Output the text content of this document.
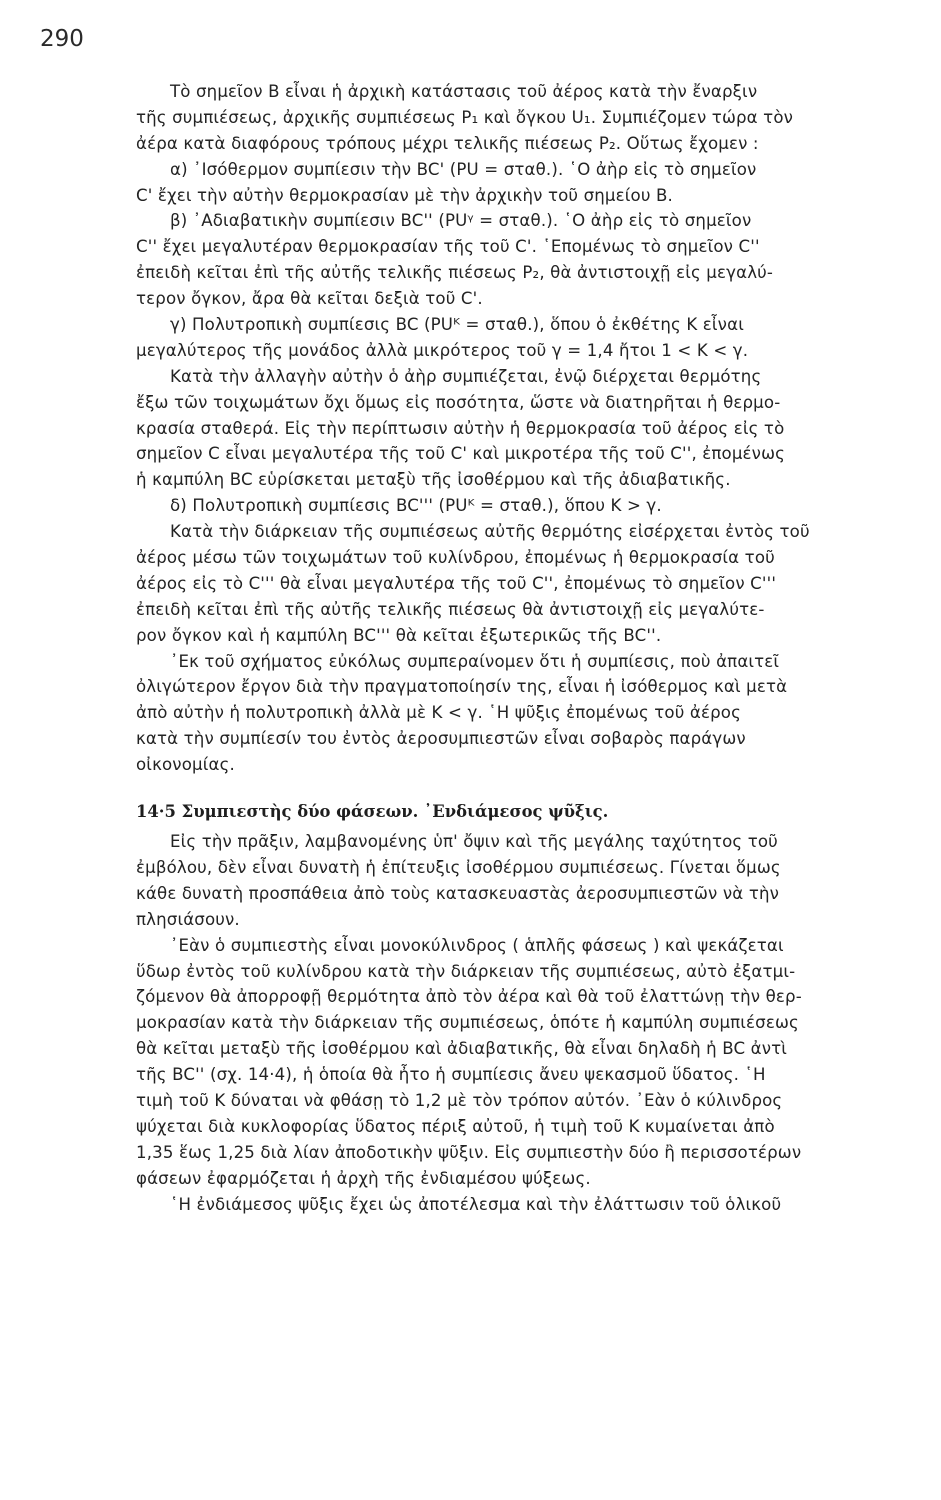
290
Τὸ σημεῖον Β εἶναι ἡ ἀρχικὴ κατάστασις τοῦ ἀέρος κατὰ τὴν ἔναρξιν
τῆς συμπιέσεως, ἀρχικῆς συμπιέσεως P₁ καὶ ὄγκου U₁. Συμπιέζομεν τώρα τὸν
ἀέρα κατὰ διαφόρους τρόπους μέχρι τελικῆς πιέσεως P₂. Οὕτως ἔχομεν :
α) ᾿Ισόθερμον συμπίεσιν τὴν BC' (PU = σταθ.). ῾Ο ἀὴρ εἰς τὸ σημεῖον
C' ἔχει τὴν αὐτὴν θερμοκρασίαν μὲ τὴν ἀρχικὴν τοῦ σημείου Β.
β) ᾿Αδιαβατικὴν συμπίεσιν BC'' (PUᵞ = σταθ.). ῾Ο ἀὴρ εἰς τὸ σημεῖον
C'' ἔχει μεγαλυτέραν θερμοκρασίαν τῆς τοῦ C'. ῾Επομένως τὸ σημεῖον C''
ἐπειδὴ κεῖται ἐπὶ τῆς αὐτῆς τελικῆς πιέσεως P₂, θὰ ἀντιστοιχῇ εἰς μεγαλύ-
τερον ὄγκον, ἄρα θὰ κεῖται δεξιὰ τοῦ C'.
γ) Πολυτροπικὴ συμπίεσις BC (PUᴷ = σταθ.), ὅπου ὁ ἐκθέτης Κ εἶναι
μεγαλύτερος τῆς μονάδος ἀλλὰ μικρότερος τοῦ γ = 1,4 ἤτοι 1 < K < γ.
Κατὰ τὴν ἀλλαγὴν αὐτὴν ὁ ἀὴρ συμπιέζεται, ἐνῷ διέρχεται θερμότης
ἔξω τῶν τοιχωμάτων ὄχι ὅμως εἰς ποσότητα, ὥστε νὰ διατηρῆται ἡ θερμο-
κρασία σταθερά. Εἰς τὴν περίπτωσιν αὐτὴν ἡ θερμοκρασία τοῦ ἀέρος εἰς τὸ
σημεῖον C εἶναι μεγαλυτέρα τῆς τοῦ C' καὶ μικροτέρα τῆς τοῦ C'', ἐπομένως
ἡ καμπύλη BC εὑρίσκεται μεταξὺ τῆς ἰσοθέρμου καὶ τῆς ἀδιαβατικῆς.
δ) Πολυτροπικὴ συμπίεσις BC''' (PUᴷ = σταθ.), ὅπου K > γ.
Κατὰ τὴν διάρκειαν τῆς συμπιέσεως αὐτῆς θερμότης εἰσέρχεται ἐντὸς τοῦ
ἀέρος μέσω τῶν τοιχωμάτων τοῦ κυλίνδρου, ἐπομένως ἡ θερμοκρασία τοῦ
ἀέρος εἰς τὸ C''' θὰ εἶναι μεγαλυτέρα τῆς τοῦ C'', ἐπομένως τὸ σημεῖον C'''
ἐπειδὴ κεῖται ἐπὶ τῆς αὐτῆς τελικῆς πιέσεως θὰ ἀντιστοιχῇ εἰς μεγαλύτε-
ρον ὄγκον καὶ ἡ καμπύλη BC''' θὰ κεῖται ἐξωτερικῶς τῆς BC''.
᾿Εκ τοῦ σχήματος εὐκόλως συμπεραίνομεν ὅτι ἡ συμπίεσις, ποὺ ἀπαιτεῖ
ὀλιγώτερον ἔργον διὰ τὴν πραγματοποίησίν της, εἶναι ἡ ἰσόθερμος καὶ μετὰ
ἀπὸ αὐτὴν ἡ πολυτροπικὴ ἀλλὰ μὲ K < γ. ῾Η ψῦξις ἐπομένως τοῦ ἀέρος
κατὰ τὴν συμπίεσίν του ἐντὸς ἀεροσυμπιεστῶν εἶναι σοβαρὸς παράγων
οἰκονομίας.
14·5 Συμπιεστὴς δύο φάσεων. ᾿Ενδιάμεσος ψῦξις.
Εἰς τὴν πρᾶξιν, λαμβανομένης ὑπ' ὄψιν καὶ τῆς μεγάλης ταχύτητος τοῦ
ἐμβόλου, δὲν εἶναι δυνατὴ ἡ ἐπίτευξις ἰσοθέρμου συμπιέσεως. Γίνεται ὅμως
κάθε δυνατὴ προσπάθεια ἀπὸ τοὺς κατασκευαστὰς ἀεροσυμπιεστῶν νὰ τὴν
πλησιάσουν.
᾿Εὰν ὁ συμπιεστὴς εἶναι μονοκύλινδρος ( ἁπλῆς φάσεως ) καὶ ψεκάζεται
ὕδωρ ἐντὸς τοῦ κυλίνδρου κατὰ τὴν διάρκειαν τῆς συμπιέσεως, αὐτὸ ἐξατμι-
ζόμενον θὰ ἀπορροφῇ θερμότητα ἀπὸ τὸν ἀέρα καὶ θὰ τοῦ ἐλαττώνῃ τὴν θερ-
μοκρασίαν κατὰ τὴν διάρκειαν τῆς συμπιέσεως, ὁπότε ἡ καμπύλη συμπιέσεως
θὰ κεῖται μεταξὺ τῆς ἰσοθέρμου καὶ ἀδιαβατικῆς, θὰ εἶναι δηλαδὴ ἡ BC ἀντὶ
τῆς BC'' (σχ. 14·4), ἡ ὁποία θὰ ἦτο ἡ συμπίεσις ἄνευ ψεκασμοῦ ὕδατος. ῾Η
τιμὴ τοῦ Κ δύναται νὰ φθάσῃ τὸ 1,2 μὲ τὸν τρόπον αὐτόν. ᾿Εὰν ὁ κύλινδρος
ψύχεται διὰ κυκλοφορίας ὕδατος πέριξ αὐτοῦ, ἡ τιμὴ τοῦ Κ κυμαίνεται ἀπὸ
1,35 ἕως 1,25 διὰ λίαν ἀποδοτικὴν ψῦξιν. Εἰς συμπιεστὴν δύο ἢ περισσοτέρων
φάσεων ἐφαρμόζεται ἡ ἀρχὴ τῆς ἐνδιαμέσου ψύξεως.
῾Η ἐνδιάμεσος ψῦξις ἔχει ὡς ἀποτέλεσμα καὶ τὴν ἐλάττωσιν τοῦ ὁλικοῦ
